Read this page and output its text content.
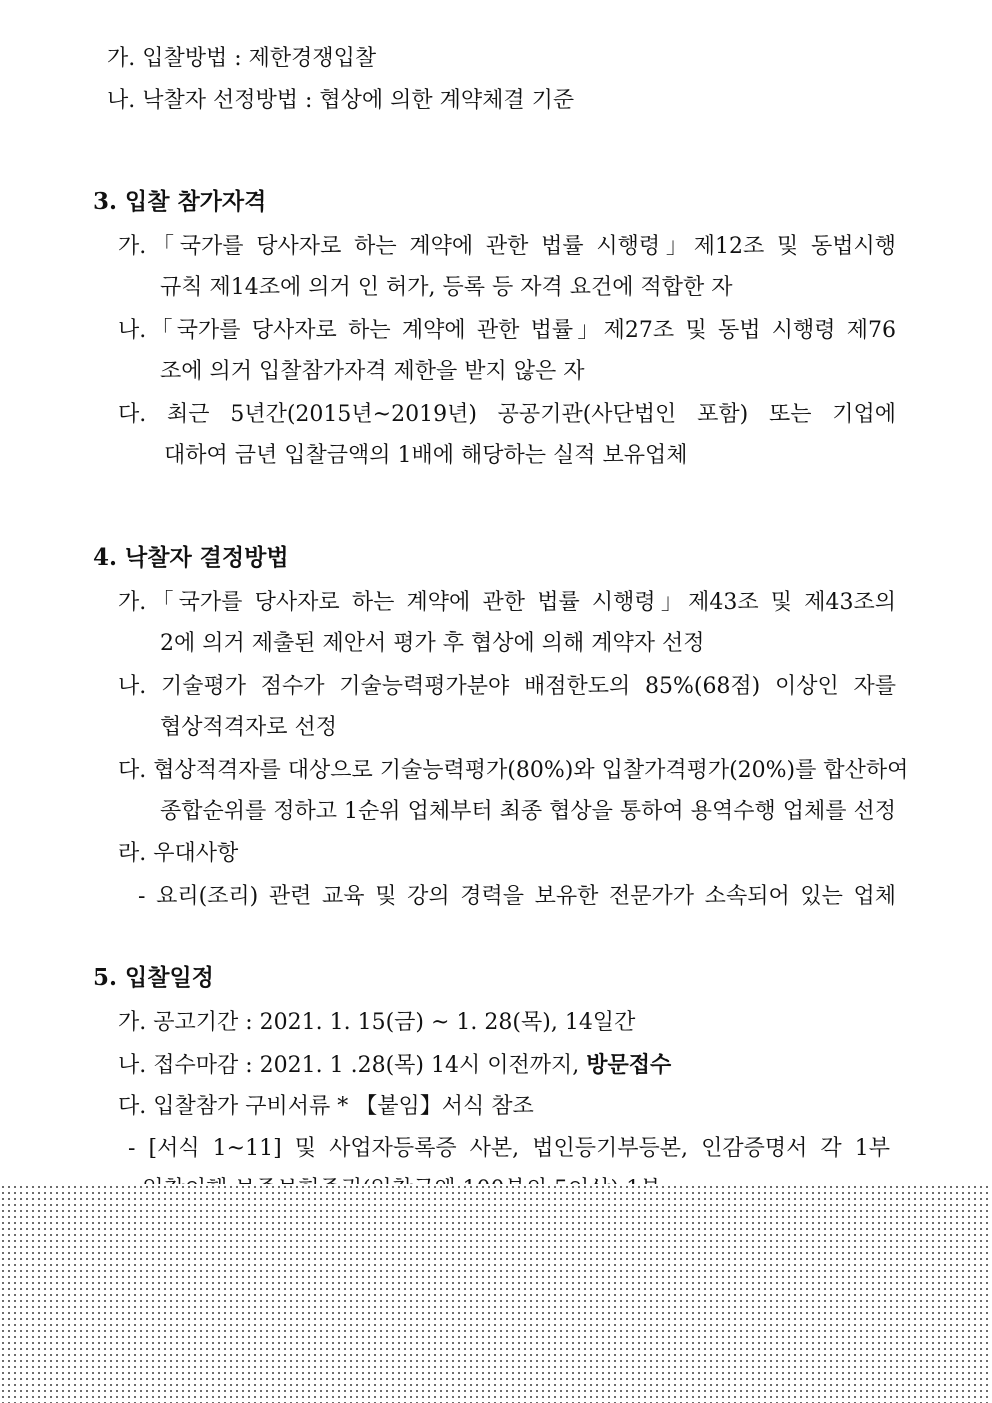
가. 입찰방법 : 제한경쟁입찰
나. 낙찰자 선정방법 : 협상에 의한 계약체결 기준
3. 입찰 참가자격
가.「국가를 당사자로 하는 계약에 관한 법률 시행령」제12조 및 동법시행
규칙 제14조에 의거 인 허가, 등록 등 자격 요건에 적합한 자
나.「국가를 당사자로 하는 계약에 관한 법률」제27조 및 동법 시행령 제76
조에 의거 입찰참가자격 제한을 받지 않은 자
다. 최근 5년간(2015년~2019년) 공공기관(사단법인 포함) 또는 기업에
대하여 금년 입찰금액의 1배에 해당하는 실적 보유업체
4. 낙찰자 결정방법
가.「국가를 당사자로 하는 계약에 관한 법률 시행령」제43조 및 제43조의
2에 의거 제출된 제안서 평가 후 협상에 의해 계약자 선정
나. 기술평가 점수가 기술능력평가분야 배점한도의 85%(68점) 이상인 자를
협상적격자로 선정
다. 협상적격자를 대상으로 기술능력평가(80%)와 입찰가격평가(20%)를 합산하여
종합순위를 정하고 1순위 업체부터 최종 협상을 통하여 용역수행 업체를 선정
라. 우대사항
- 요리(조리) 관련 교육 및 강의 경력을 보유한 전문가가 소속되어 있는 업체
5. 입찰일정
가. 공고기간 : 2021. 1. 15(금) ~ 1. 28(목), 14일간
나. 접수마감 : 2021. 1 .28(목) 14시 이전까지, 방문접수
다. 입찰참가 구비서류 * 【붙임】서식 참조
- [서식 1~11] 및 사업자등록증 사본, 법인등기부등본, 인감증명서 각 1부
